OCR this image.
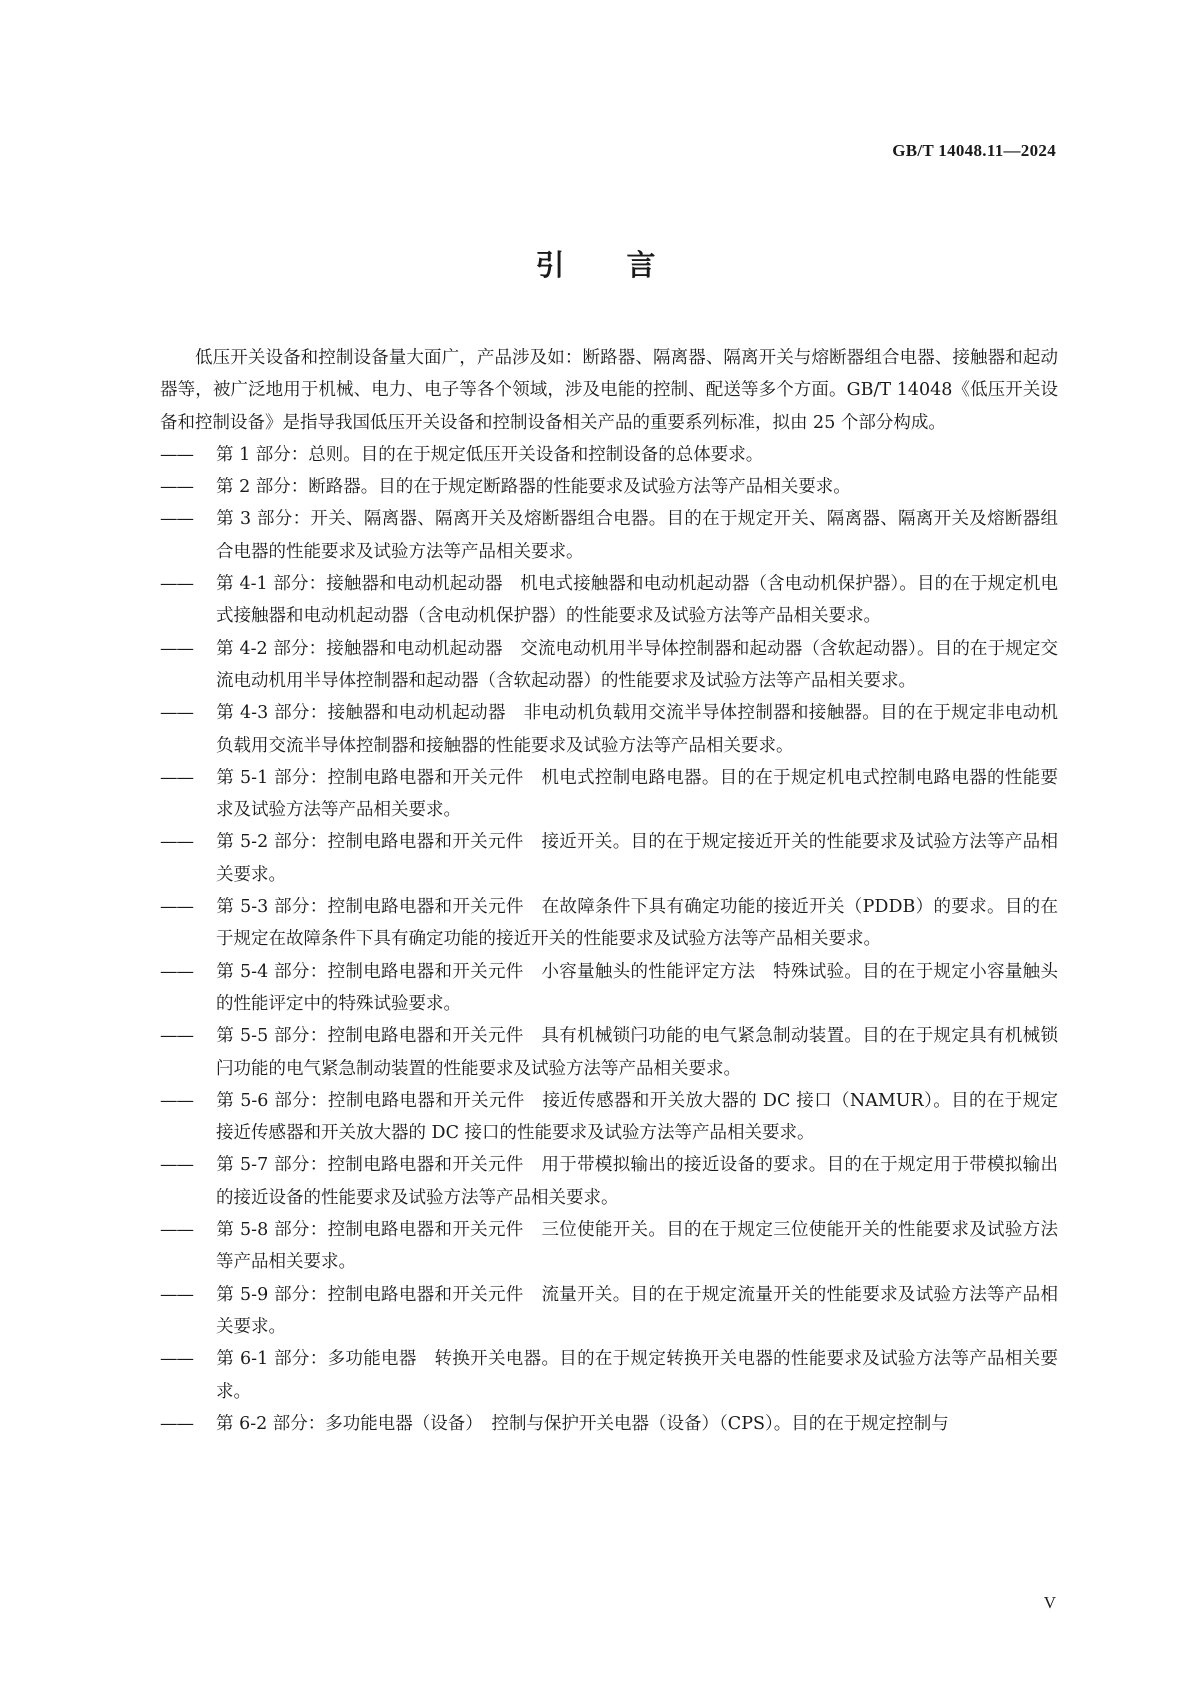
GB/T 14048.11—2024

引言

低压开关设备和控制设备量大面广，产品涉及如：断路器、隔离器、隔离开关与熔断器组合电器、接触器和起动器等，被广泛地用于机械、电力、电子等各个领域，涉及电能的控制、配送等多个方面。GB/T 14048《低压开关设备和控制设备》是指导我国低压开关设备和控制设备相关产品的重要系列标准，拟由 25 个部分构成。

—— 第 1 部分：总则。目的在于规定低压开关设备和控制设备的总体要求。
—— 第 2 部分：断路器。目的在于规定断路器的性能要求及试验方法等产品相关要求。
—— 第 3 部分：开关、隔离器、隔离开关及熔断器组合电器。目的在于规定开关、隔离器、隔离开关及熔断器组合电器的性能要求及试验方法等产品相关要求。
—— 第 4-1 部分：接触器和电动机起动器　机电式接触器和电动机起动器（含电动机保护器）。目的在于规定机电式接触器和电动机起动器（含电动机保护器）的性能要求及试验方法等产品相关要求。
—— 第 4-2 部分：接触器和电动机起动器　交流电动机用半导体控制器和起动器（含软起动器）。目的在于规定交流电动机用半导体控制器和起动器（含软起动器）的性能要求及试验方法等产品相关要求。
—— 第 4-3 部分：接触器和电动机起动器　非电动机负载用交流半导体控制器和接触器。目的在于规定非电动机负载用交流半导体控制器和接触器的性能要求及试验方法等产品相关要求。
—— 第 5-1 部分：控制电路电器和开关元件　机电式控制电路电器。目的在于规定机电式控制电路电器的性能要求及试验方法等产品相关要求。
—— 第 5-2 部分：控制电路电器和开关元件　接近开关。目的在于规定接近开关的性能要求及试验方法等产品相关要求。
—— 第 5-3 部分：控制电路电器和开关元件　在故障条件下具有确定功能的接近开关（PDDB）的要求。目的在于规定在故障条件下具有确定功能的接近开关的性能要求及试验方法等产品相关要求。
—— 第 5-4 部分：控制电路电器和开关元件　小容量触头的性能评定方法　特殊试验。目的在于规定小容量触头的性能评定中的特殊试验要求。
—— 第 5-5 部分：控制电路电器和开关元件　具有机械锁闩功能的电气紧急制动装置。目的在于规定具有机械锁闩功能的电气紧急制动装置的性能要求及试验方法等产品相关要求。
—— 第 5-6 部分：控制电路电器和开关元件　接近传感器和开关放大器的 DC 接口（NAMUR）。目的在于规定接近传感器和开关放大器的 DC 接口的性能要求及试验方法等产品相关要求。
—— 第 5-7 部分：控制电路电器和开关元件　用于带模拟输出的接近设备的要求。目的在于规定用于带模拟输出的接近设备的性能要求及试验方法等产品相关要求。
—— 第 5-8 部分：控制电路电器和开关元件　三位使能开关。目的在于规定三位使能开关的性能要求及试验方法等产品相关要求。
—— 第 5-9 部分：控制电路电器和开关元件　流量开关。目的在于规定流量开关的性能要求及试验方法等产品相关要求。
—— 第 6-1 部分：多功能电器　转换开关电器。目的在于规定转换开关电器的性能要求及试验方法等产品相关要求。
—— 第 6-2 部分：多功能电器（设备）　控制与保护开关电器（设备）（CPS）。目的在于规定控制与

V
